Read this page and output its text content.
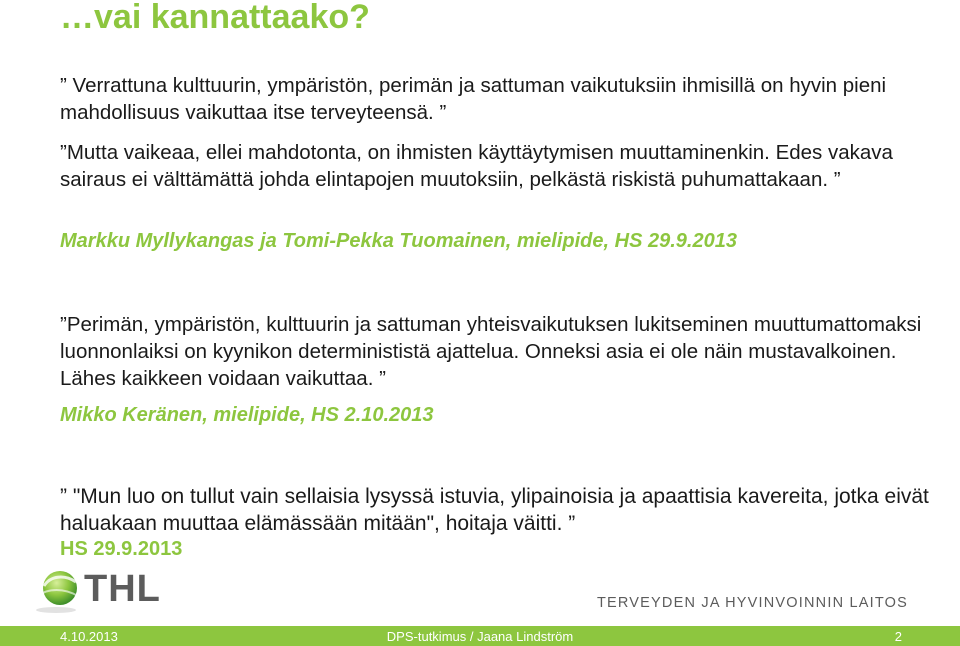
…vai kannattaako?
” Verrattuna kulttuurin, ympäristön, perimän ja sattuman vaikutuksiin ihmisillä on hyvin pieni mahdollisuus vaikuttaa itse terveyteensä. ”
”Mutta vaikeaa, ellei mahdotonta, on ihmisten käyttäytymisen muuttaminenkin. Edes vakava sairaus ei välttämättä johda elintapojen muutoksiin, pelkästä riskistä puhumattakaan. ”
Markku Myllykangas ja Tomi-Pekka Tuomainen, mielipide, HS 29.9.2013
”Perimän, ympäristön, kulttuurin ja sattuman yhteisvaikutuksen lukitseminen muuttumattomaksi luonnonlaiksi on kyynikon determinististä ajattelua. Onneksi asia ei ole näin mustavalkoinen. Lähes kaikkeen voidaan vaikuttaa. ”
Mikko Keränen, mielipide, HS 2.10.2013
” "Mun luo on tullut vain sellaisia lysyssä istuvia, ylipainoisia ja apaattisia kavereita, jotka eivät haluakaan muuttaa elämässään mitään", hoitaja väitti. ”
HS 29.9.2013
THL	TERVEYDEN JA HYVINVOINNIN LAITOS
4.10.2013	DPS-tutkimus / Jaana Lindström	2
